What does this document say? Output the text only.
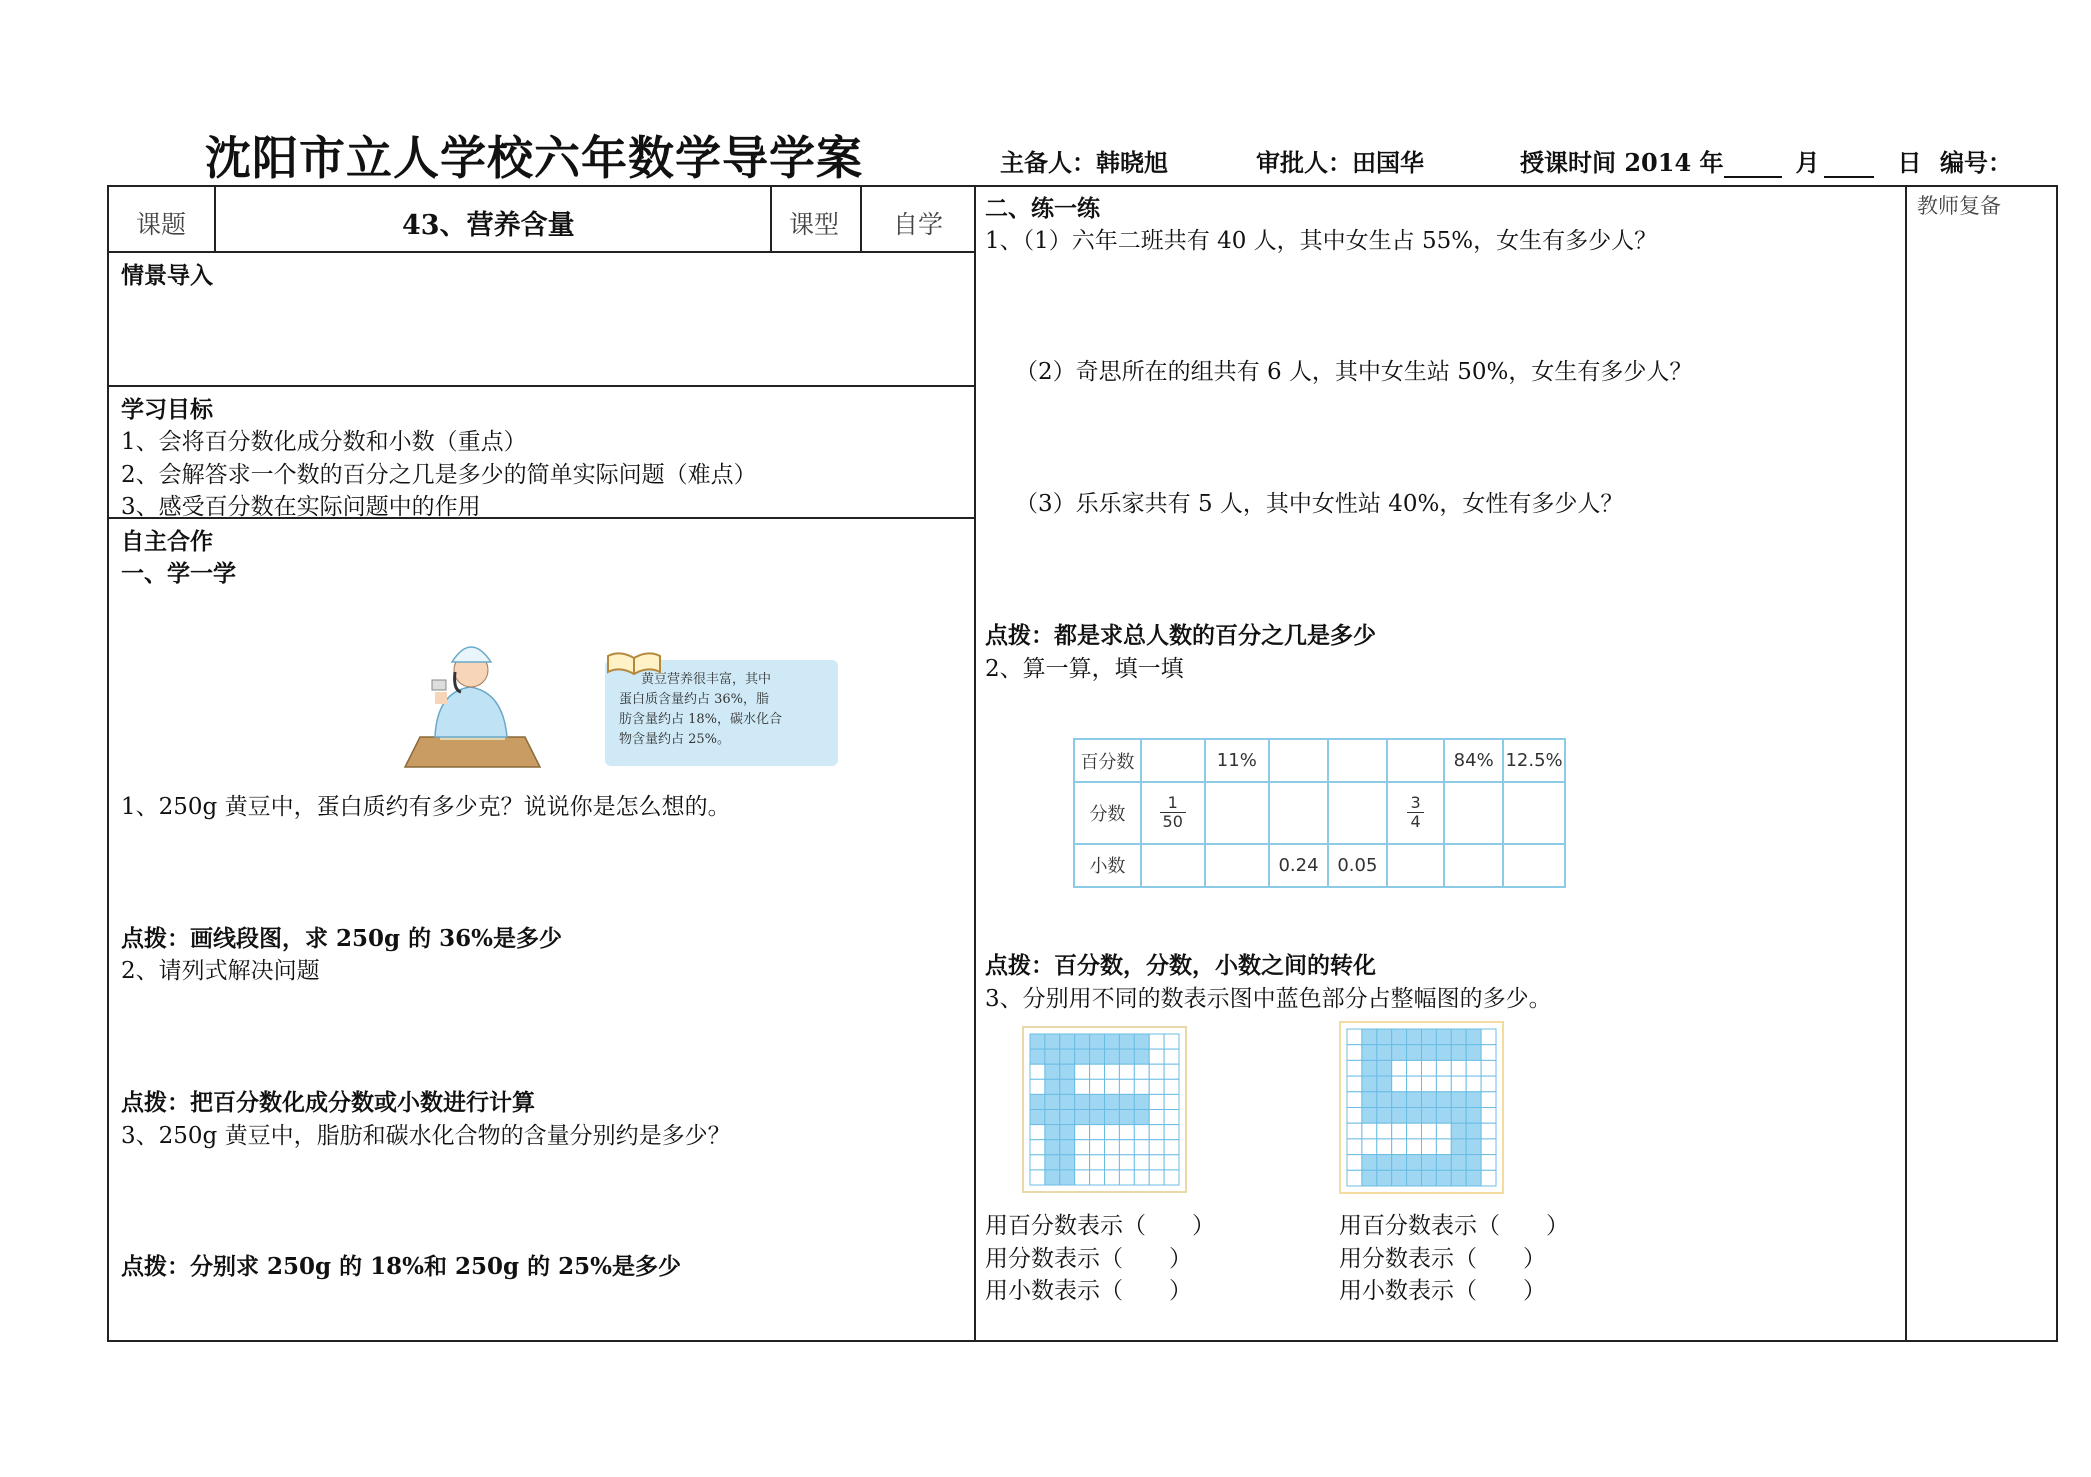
沈阳市立人学校六年数学导学案	主备人：韩晓旭	审批人：田国华	授课时间 2014 年	月	日 编号：
课题	43、营养含量	课型 自学
教师复备
情景导入
学习目标
1、会将百分数化成分数和小数（重点）
2、会解答求一个数的百分之几是多少的简单实际问题（难点）
3、感受百分数在实际问题中的作用
自主合作
一、学一学
黄豆营养很丰富，其中
蛋白质含量约占 36%，脂
肪含量约占 18%，碳水化合
物含量约占 25%。
1、250g 黄豆中，蛋白质约有多少克？说说你是怎么想的。
点拨：画线段图，求 250g 的 36%是多少
2、请列式解决问题
点拨：把百分数化成分数或小数进行计算
3、250g 黄豆中，脂肪和碳水化合物的含量分别约是多少？
点拨：分别求 250g 的 18%和 250g 的 25%是多少
二、练一练
1、（1）六年二班共有 40 人，其中女生占 55%，女生有多少人？
（2）奇思所在的组共有 6 人，其中女生站 50%，女生有多少人？
（3）乐乐家共有 5 人，其中女性站 40%，女性有多少人？
点拨：都是求总人数的百分之几是多少
2、算一算，填一填
百分数		11%				84%	12.5%
分数	$\frac{1}{50}$				$\frac{3}{4}$

小数			0.24	0.05			
点拨：百分数，分数，小数之间的转化
3、分别用不同的数表示图中蓝色部分占整幅图的多少。
用百分数表示（　　）
用分数表示（　　）
用小数表示（　　）
用百分数表示（　　）
用分数表示（　　）
用小数表示（　　）
